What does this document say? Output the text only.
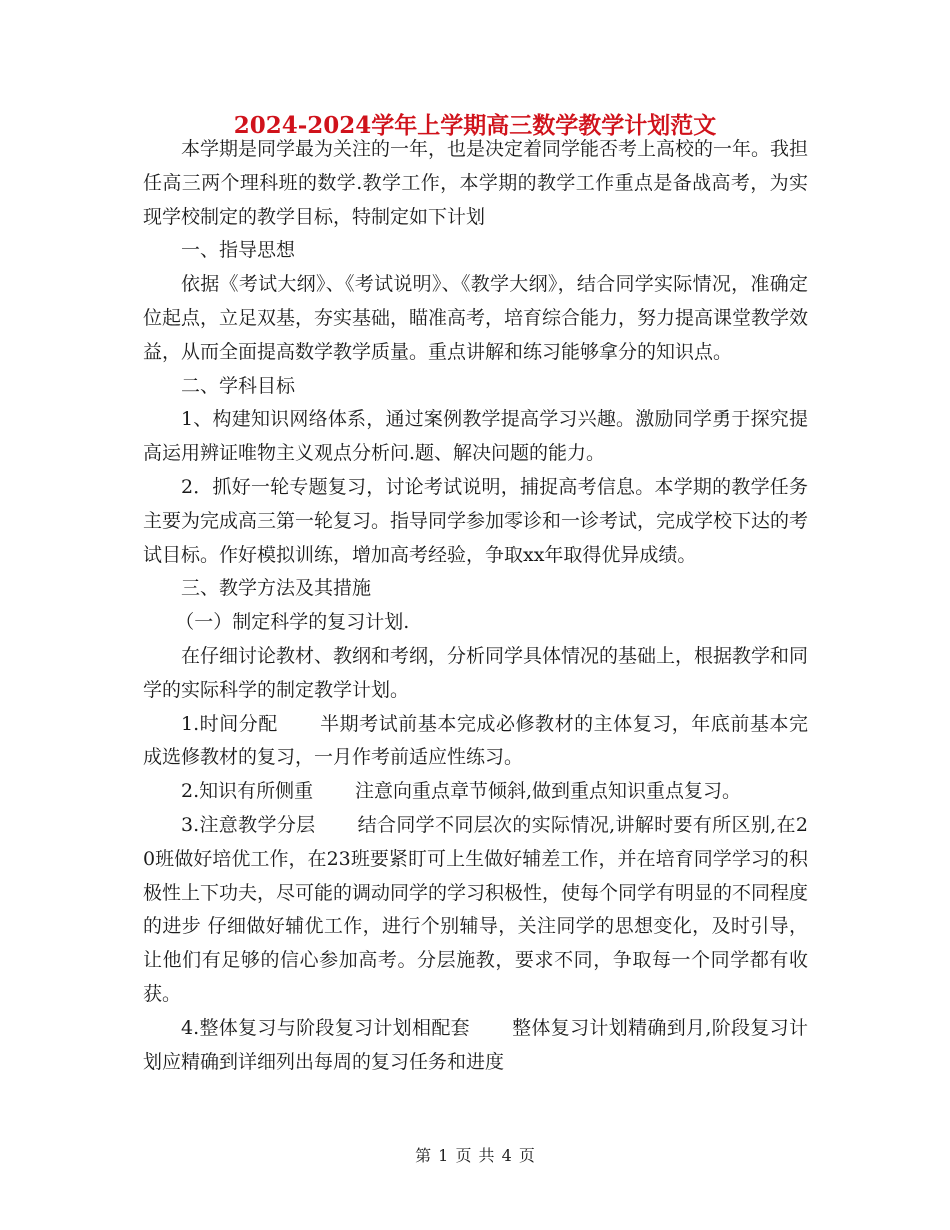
2024-2024学年上学期高三数学教学计划范文

本学期是同学最为关注的一年，也是决定着同学能否考上高校的一年。我担任高三两个理科班的数学.教学工作，本学期的教学工作重点是备战高考，为实现学校制定的教学目标，特制定如下计划

一、指导思想

依据《考试大纲》、《考试说明》、《教学大纲》，结合同学实际情况，准确定位起点，立足双基，夯实基础，瞄准高考，培育综合能力，努力提高课堂教学效益，从而全面提高数学教学质量。重点讲解和练习能够拿分的知识点。

二、学科目标

1、构建知识网络体系，通过案例教学提高学习兴趣。激励同学勇于探究提高运用辨证唯物主义观点分析问.题、解决问题的能力。

2．抓好一轮专题复习，讨论考试说明，捕捉高考信息。本学期的教学任务主要为完成高三第一轮复习。指导同学参加零诊和一诊考试，完成学校下达的考试目标。作好模拟训练，增加高考经验，争取xx年取得优异成绩。

三、教学方法及其措施

（一）制定科学的复习计划.

在仔细讨论教材、教纲和考纲，分析同学具体情况的基础上，根据教学和同学的实际科学的制定教学计划。

1.时间分配 半期考试前基本完成必修教材的主体复习，年底前基本完成选修教材的复习，一月作考前适应性练习。

2.知识有所侧重 注意向重点章节倾斜,做到重点知识重点复习。

3.注意教学分层 结合同学不同层次的实际情况,讲解时要有所区别,在20班做好培优工作，在23班要紧盯可上生做好辅差工作，并在培育同学学习的积极性上下功夫，尽可能的调动同学的学习积极性，使每个同学有明显的不同程度的进步 仔细做好辅优工作，进行个别辅导，关注同学的思想变化，及时引导，让他们有足够的信心参加高考。分层施教，要求不同，争取每一个同学都有收获。

4.整体复习与阶段复习计划相配套 整体复习计划精确到月,阶段复习计划应精确到详细列出每周的复习任务和进度

第 1 页 共 4 页
